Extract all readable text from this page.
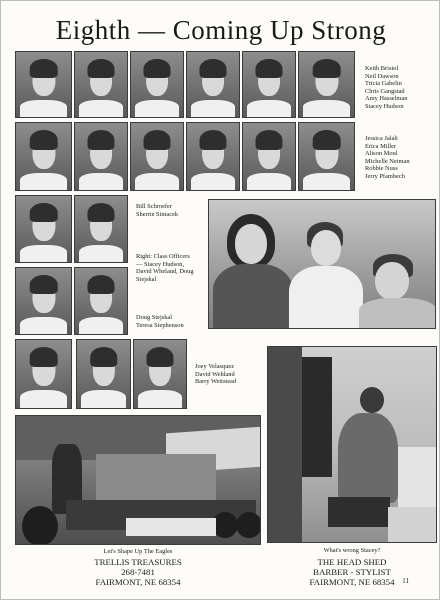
Eighth — Coming Up Strong
Keith Bristol
Neil Dawson
Tricia Gabelin
Chris Gangstad
Amy Hasselman
Stacey Hudson
Jessica Jalali
Erica Miller
Alison Moul
Michelle Neiman
Robbie Nuss
Jerry Pfambech
Bill Schroefer
Sherrie Simacek
Right: Class Officers
— Stacey Hudson,
David Wheland, Doug
Stejskal
Doug Stejskal
Teresa Stephenson
Joey Velasquez
David Wehland
Barry Wettstead
Let's Shape Up The Eagles	What's wrong Stacey?
TRELLIS TREASURES
268-7481
FAIRMONT, NE 68354
THE HEAD SHED
BARBER - STYLIST
FAIRMONT, NE 68354	11
